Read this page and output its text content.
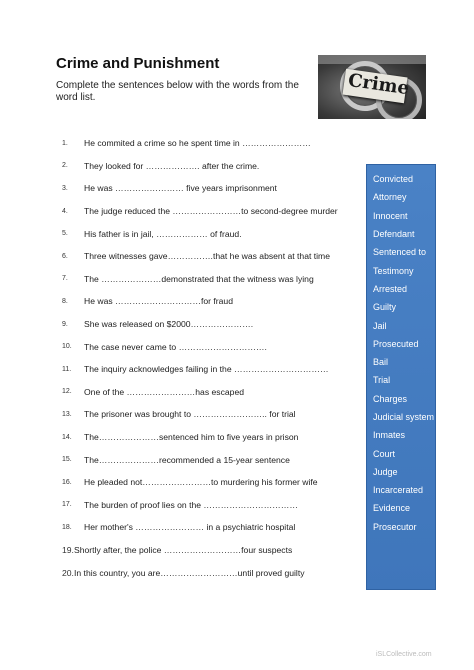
Crime and Punishment
Complete the sentences below with the words from the word list.	Crime
1.	He commited a crime so he spent time in ……………………
2.	They looked for ………………. after the crime.
3.	He was …………………… five years imprisonment
4.	The judge reduced the ……………………to second-degree murder
5.	His father is in jail, ……………… of fraud.
6.	Three witnesses gave…………….that he was absent at that time
7.	The …………………demonstrated that the witness was lying
8.	He was …………………………for fraud
9.	She was released on $2000………………….
10.	The case never came to ………………………….
11.	The inquiry acknowledges failing in the ……………………………
12.	One of the ……………………has escaped
13.	The prisoner was brought to …………………….. for trial
14.	The…………………sentenced him to five years in prison
15.	The…………………recommended a 15-year sentence
16.	He pleaded not……………………to murdering his former wife
17.	The burden of proof lies on the ……………………………
18.	Her mother's …………………… in a psychiatric hospital
19. Shortly after, the police ………………………four suspects
20. In this country, you are………………………until proved guilty
Convicted
Attorney
Innocent
Defendant
Sentenced to
Testimony
Arrested
Guilty
Jail
Prosecuted
Bail
Trial
Charges
Judicial system
Inmates
Court
Judge
Incarcerated
Evidence
Prosecutor
iSLCollective.com
